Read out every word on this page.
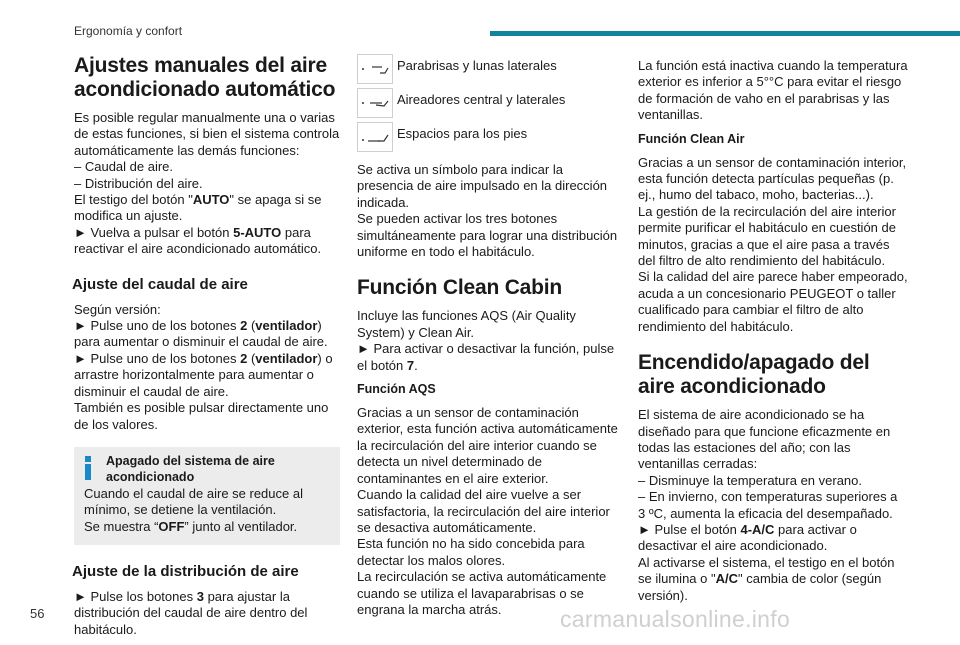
Ergonomía y confort
Ajustes manuales del aire acondicionado automático

Es posible regular manualmente una o varias
de estas funciones, si bien el sistema controla
automáticamente las demás funciones:
– Caudal de aire.
– Distribución del aire.
El testigo del botón "AUTO" se apaga si se modifica un ajuste.
► Vuelva a pulsar el botón 5-AUTO para reactivar el aire acondicionado automático.

Ajuste del caudal de aire

Según versión:
► Pulse uno de los botones 2 (ventilador) para aumentar o disminuir el caudal de aire.
► Pulse uno de los botones 2 (ventilador) o arrastre horizontalmente para aumentar o disminuir el caudal de aire.
También es posible pulsar directamente uno de los valores.

Apagado del sistema de aire acondicionado
Cuando el caudal de aire se reduce al mínimo, se detiene la ventilación.
Se muestra “OFF” junto al ventilador.
Ajuste de la distribución de aire

► Pulse los botones 3 para ajustar la distribución del caudal de aire dentro del habitáculo.

Parabrisas y lunas laterales
Aireadores central y laterales
Espacios para los pies

Se activa un símbolo para indicar la presencia de aire impulsado en la dirección indicada.
Se pueden activar los tres botones simultáneamente para lograr una distribución uniforme en todo el habitáculo.

Función Clean Cabin

Incluye las funciones AQS (Air Quality System) y Clean Air.
► Para activar o desactivar la función, pulse el botón 7.

Función AQS

Gracias a un sensor de contaminación exterior, esta función activa automáticamente la recirculación del aire interior cuando se detecta un nivel determinado de contaminantes en el aire exterior.
Cuando la calidad del aire vuelve a ser satisfactoria, la recirculación del aire interior se desactiva automáticamente.
Esta función no ha sido concebida para detectar los malos olores.
La recirculación se activa automáticamente cuando se utiliza el lavaparabrisas o se engrana la marcha atrás.

La función está inactiva cuando la temperatura exterior es inferior a 5°°C para evitar el riesgo de formación de vaho en el parabrisas y las ventanillas.

Función Clean Air

Gracias a un sensor de contaminación interior, esta función detecta partículas pequeñas (p. ej., humo del tabaco, moho, bacterias...).
La gestión de la recirculación del aire interior permite purificar el habitáculo en cuestión de minutos, gracias a que el aire pasa a través del filtro de alto rendimiento del habitáculo.
Si la calidad del aire parece haber empeorado, acuda a un concesionario PEUGEOT o taller cualificado para cambiar el filtro de alto rendimiento del habitáculo.

Encendido/apagado del aire acondicionado

El sistema de aire acondicionado se ha diseñado para que funcione eficazmente en todas las estaciones del año; con las ventanillas cerradas:
– Disminuye la temperatura en verano.
– En invierno, con temperaturas superiores a 3 ºC, aumenta la eficacia del desempañado.
► Pulse el botón 4-A/C para activar o desactivar el aire acondicionado.
Al activarse el sistema, el testigo en el botón se ilumina o "A/C" cambia de color (según versión).

56	carmanualsonline.info
